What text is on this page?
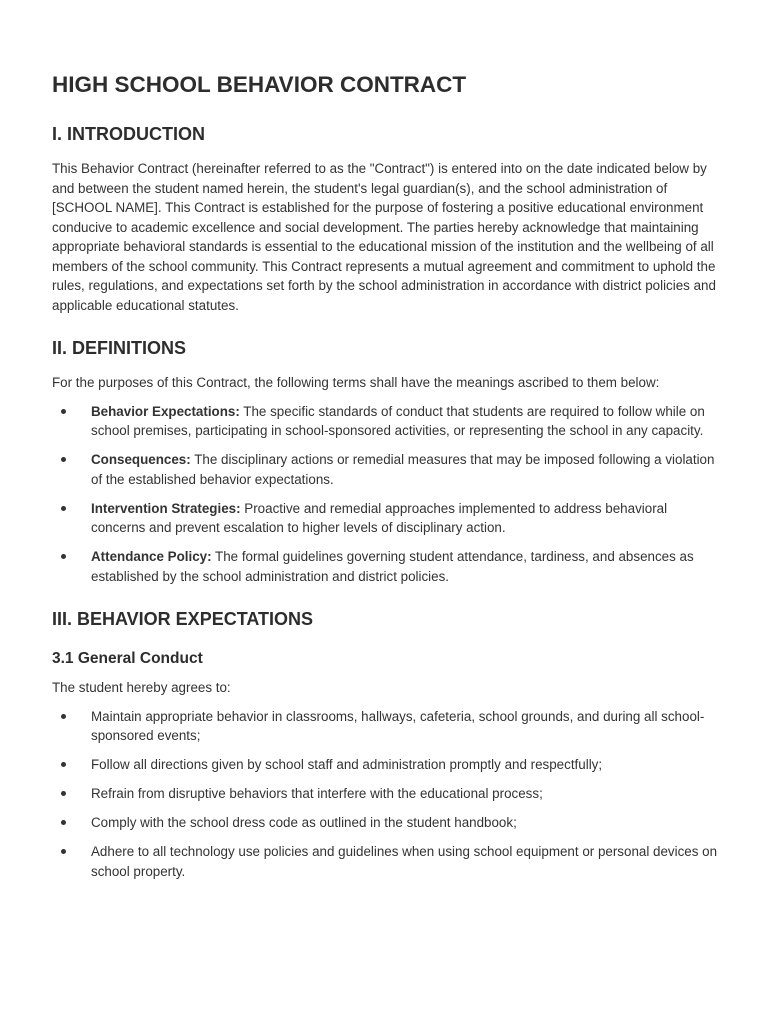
HIGH SCHOOL BEHAVIOR CONTRACT
I. INTRODUCTION

This Behavior Contract (hereinafter referred to as the "Contract") is entered into on the date indicated below by and between the student named herein, the student's legal guardian(s), and the school administration of [SCHOOL NAME]. This Contract is established for the purpose of fostering a positive educational environment conducive to academic excellence and social development. The parties hereby acknowledge that maintaining appropriate behavioral standards is essential to the educational mission of the institution and the wellbeing of all members of the school community. This Contract represents a mutual agreement and commitment to uphold the rules, regulations, and expectations set forth by the school administration in accordance with district policies and applicable educational statutes.

II. DEFINITIONS

For the purposes of this Contract, the following terms shall have the meanings ascribed to them below:

Behavior Expectations: The specific standards of conduct that students are required to follow while on school premises, participating in school-sponsored activities, or representing the school in any capacity.
Consequences: The disciplinary actions or remedial measures that may be imposed following a violation of the established behavior expectations.
Intervention Strategies: Proactive and remedial approaches implemented to address behavioral concerns and prevent escalation to higher levels of disciplinary action.
Attendance Policy: The formal guidelines governing student attendance, tardiness, and absences as established by the school administration and district policies.
III. BEHAVIOR EXPECTATIONS
3.1 General Conduct

The student hereby agrees to:

Maintain appropriate behavior in classrooms, hallways, cafeteria, school grounds, and during all school-sponsored events;
Follow all directions given by school staff and administration promptly and respectfully;
Refrain from disruptive behaviors that interfere with the educational process;
Comply with the school dress code as outlined in the student handbook;
Adhere to all technology use policies and guidelines when using school equipment or personal devices on school property.
